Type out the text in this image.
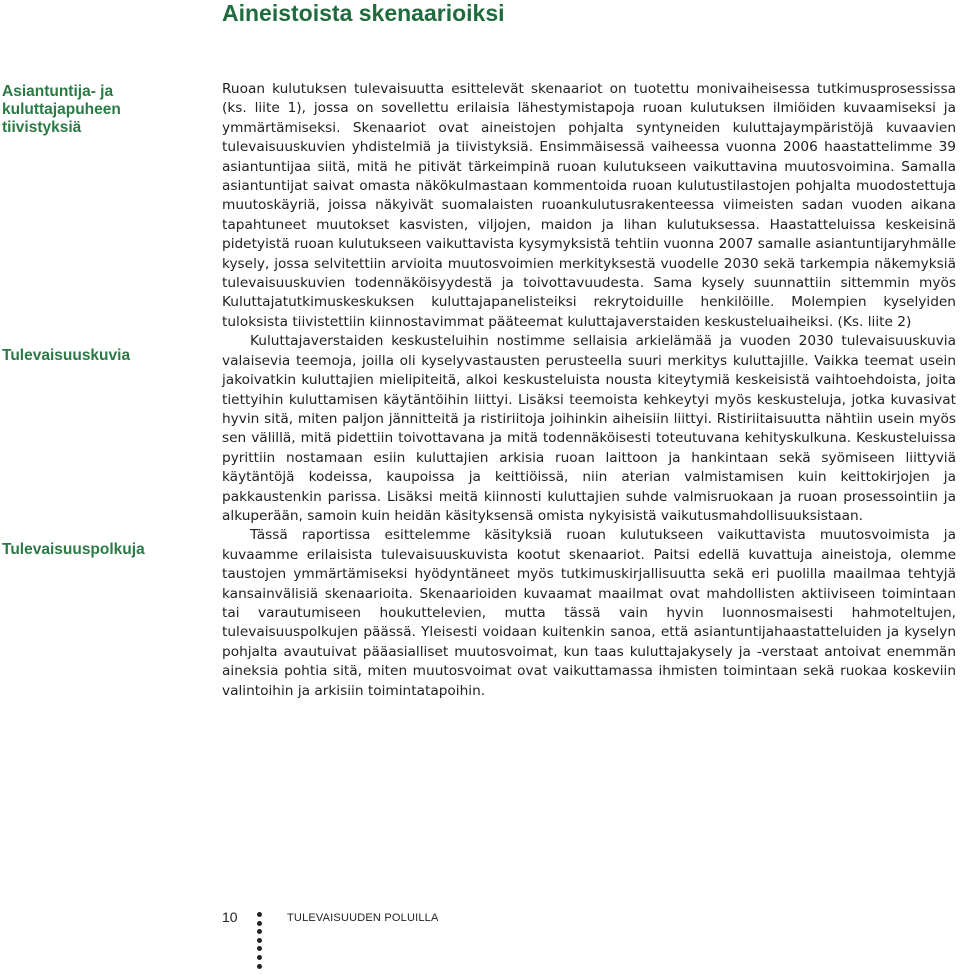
Aineistoista skenaarioiksi
Asiantuntija- ja kuluttajapuheen tiivistyksiä
Tulevaisuuskuvia
Tulevaisuuspolkuja

Ruoan kulutuksen tulevaisuutta esittelevät skenaariot on tuotettu monivaiheisessa tutkimusprosessissa (ks. liite 1), jossa on sovellettu erilaisia lähestymistapoja ruoan kulutuksen ilmiöiden kuvaamiseksi ja ymmärtämiseksi. Skenaariot ovat aineistojen pohjalta syntyneiden kuluttajaympäristöjä kuvaavien tulevaisuuskuvien yhdistelmiä ja tiivistyksiä. Ensimmäisessä vaiheessa vuonna 2006 haastattelimme 39 asiantuntijaa siitä, mitä he pitivät tärkeimpinä ruoan kulutukseen vaikuttavina muutosvoimina. Samalla asiantuntijat saivat omasta näkökulmastaan kommentoida ruoan kulutustilastojen pohjalta muodostettuja muutoskäyriä, joissa näkyivät suomalaisten ruoankulutusrakenteessa viimeisten sadan vuoden aikana tapahtuneet muutokset kasvisten, viljojen, maidon ja lihan kulutuksessa. Haastatteluissa keskeisinä pidetyistä ruoan kulutukseen vaikuttavista kysymyksistä tehtiin vuonna 2007 samalle asiantuntijaryhmälle kysely, jossa selvitettiin arvioita muutosvoimien merkityksestä vuodelle 2030 sekä tarkempia näkemyksiä tulevaisuuskuvien todennäköisyydestä ja toivottavuudesta. Sama kysely suunnattiin sittemmin myös Kuluttajatutkimuskeskuksen kuluttajapanelisteiksi rekrytoiduille henkilöille. Molempien kyselyiden tuloksista tiivistettiin kiinnostavimmat pääteemat kuluttajaverstaiden keskusteluaiheiksi. (Ks. liite 2)

Kuluttajaverstaiden keskusteluihin nostimme sellaisia arkielämää ja vuoden 2030 tulevaisuuskuvia valaisevia teemoja, joilla oli kyselyvastausten perusteella suuri merkitys kuluttajille. Vaikka teemat usein jakoivatkin kuluttajien mielipiteitä, alkoi keskusteluista nousta kiteytymiä keskeisistä vaihtoehdoista, joita tiettyihin kuluttamisen käytäntöihin liittyi. Lisäksi teemoista kehkeytyi myös keskusteluja, jotka kuvasivat hyvin sitä, miten paljon jännitteitä ja ristiriitoja joihinkin aiheisiin liittyi. Ristiriitaisuutta nähtiin usein myös sen välillä, mitä pidettiin toivottavana ja mitä todennäköisesti toteutuvana kehityskulkuna. Keskusteluissa pyrittiin nostamaan esiin kuluttajien arkisia ruoan laittoon ja hankintaan sekä syömiseen liittyviä käytäntöjä kodeissa, kaupoissa ja keittiöissä, niin aterian valmistamisen kuin keittokirjojen ja pakkaustenkin parissa. Lisäksi meitä kiinnosti kuluttajien suhde valmisruokaan ja ruoan prosessointiin ja alkuperään, samoin kuin heidän käsityksensä omista nykyisistä vaikutusmahdollisuuksistaan.

Tässä raportissa esittelemme käsityksiä ruoan kulutukseen vaikuttavista muutosvoimista ja kuvaamme erilaisista tulevaisuuskuvista kootut skenaariot. Paitsi edellä kuvattuja aineistoja, olemme taustojen ymmärtämiseksi hyödyntäneet myös tutkimuskirjallisuutta sekä eri puolilla maailmaa tehtyjä kansainvälisiä skenaarioita. Skenaarioiden kuvaamat maailmat ovat mahdollisten aktiiviseen toimintaan tai varautumiseen houkuttelevien, mutta tässä vain hyvin luonnosmaisesti hahmoteltujen, tulevaisuuspolkujen päässä. Yleisesti voidaan kuitenkin sanoa, että asiantuntijahaastatteluiden ja kyselyn pohjalta avautuivat pääasialliset muutosvoimat, kun taas kuluttajakysely ja -verstaat antoivat enemmän aineksia pohtia sitä, miten muutosvoimat ovat vaikuttamassa ihmisten toimintaan sekä ruokaa koskeviin valintoihin ja arkisiin toimintatapoihin.

10	TULEVAISUUDEN POLUILLA
